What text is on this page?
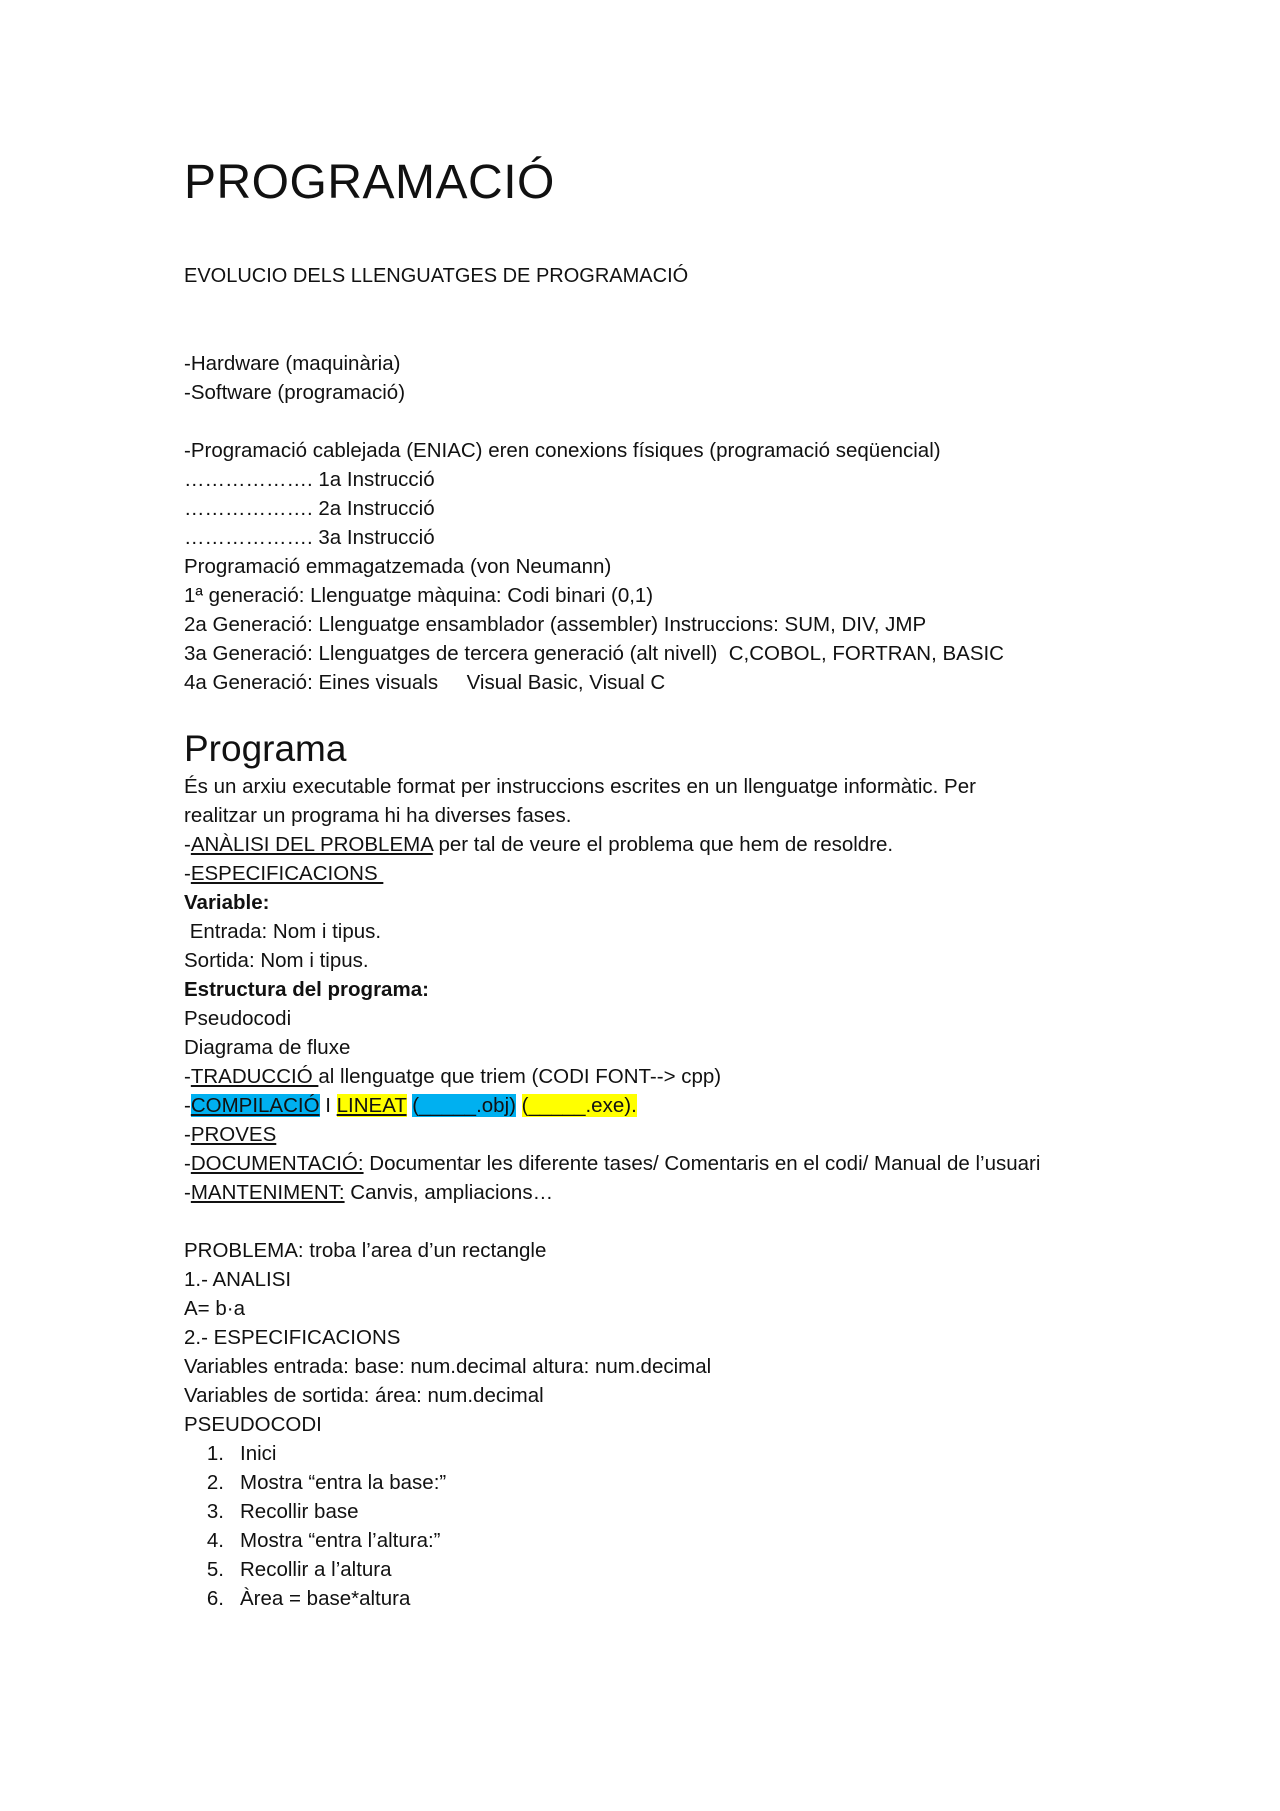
PROGRAMACIÓ
EVOLUCIO DELS LLENGUATGES DE PROGRAMACIÓ
-Hardware (maquinària)
-Software (programació)
-Programació cablejada (ENIAC) eren conexions físiques (programació seqüencial)
………………. 1a Instrucció
………………. 2a Instrucció
………………. 3a Instrucció
Programació emmagatzemada (von Neumann)
1ª generació: Llenguatge màquina: Codi binari (0,1)
2a Generació: Llenguatge ensamblador (assembler) Instruccions: SUM, DIV, JMP
3a Generació: Llenguatges de tercera generació (alt nivell)  C,COBOL, FORTRAN, BASIC
4a Generació: Eines visuals     Visual Basic, Visual C
Programa
És un arxiu executable format per instruccions escrites en un llenguatge informàtic. Per
realitzar un programa hi ha diverses fases.
-ANÀLISI DEL PROBLEMA per tal de veure el problema que hem de resoldre.
-ESPECIFICACIONS
Variable:
Entrada: Nom i tipus.
Sortida: Nom i tipus.
Estructura del programa:
Pseudocodi
Diagrama de fluxe
-TRADUCCIÓ al llenguatge que triem (CODI FONT--> cpp)
-COMPILACIÓ I LINEAT (_____.obj) (_____.exe).
-PROVES
-DOCUMENTACIÓ: Documentar les diferente tases/ Comentaris en el codi/ Manual de l’usuari
-MANTENIMENT: Canvis, ampliacions…
PROBLEMA: troba l’area d’un rectangle
1.- ANALISI
A= b·a
2.- ESPECIFICACIONS
Variables entrada: base: num.decimal altura: num.decimal
Variables de sortida: área: num.decimal
PSEUDOCODI
1. Inici
2. Mostra “entra la base:”
3. Recollir base
4. Mostra “entra l’altura:”
5. Recollir a l’altura
6. Àrea = base*altura
